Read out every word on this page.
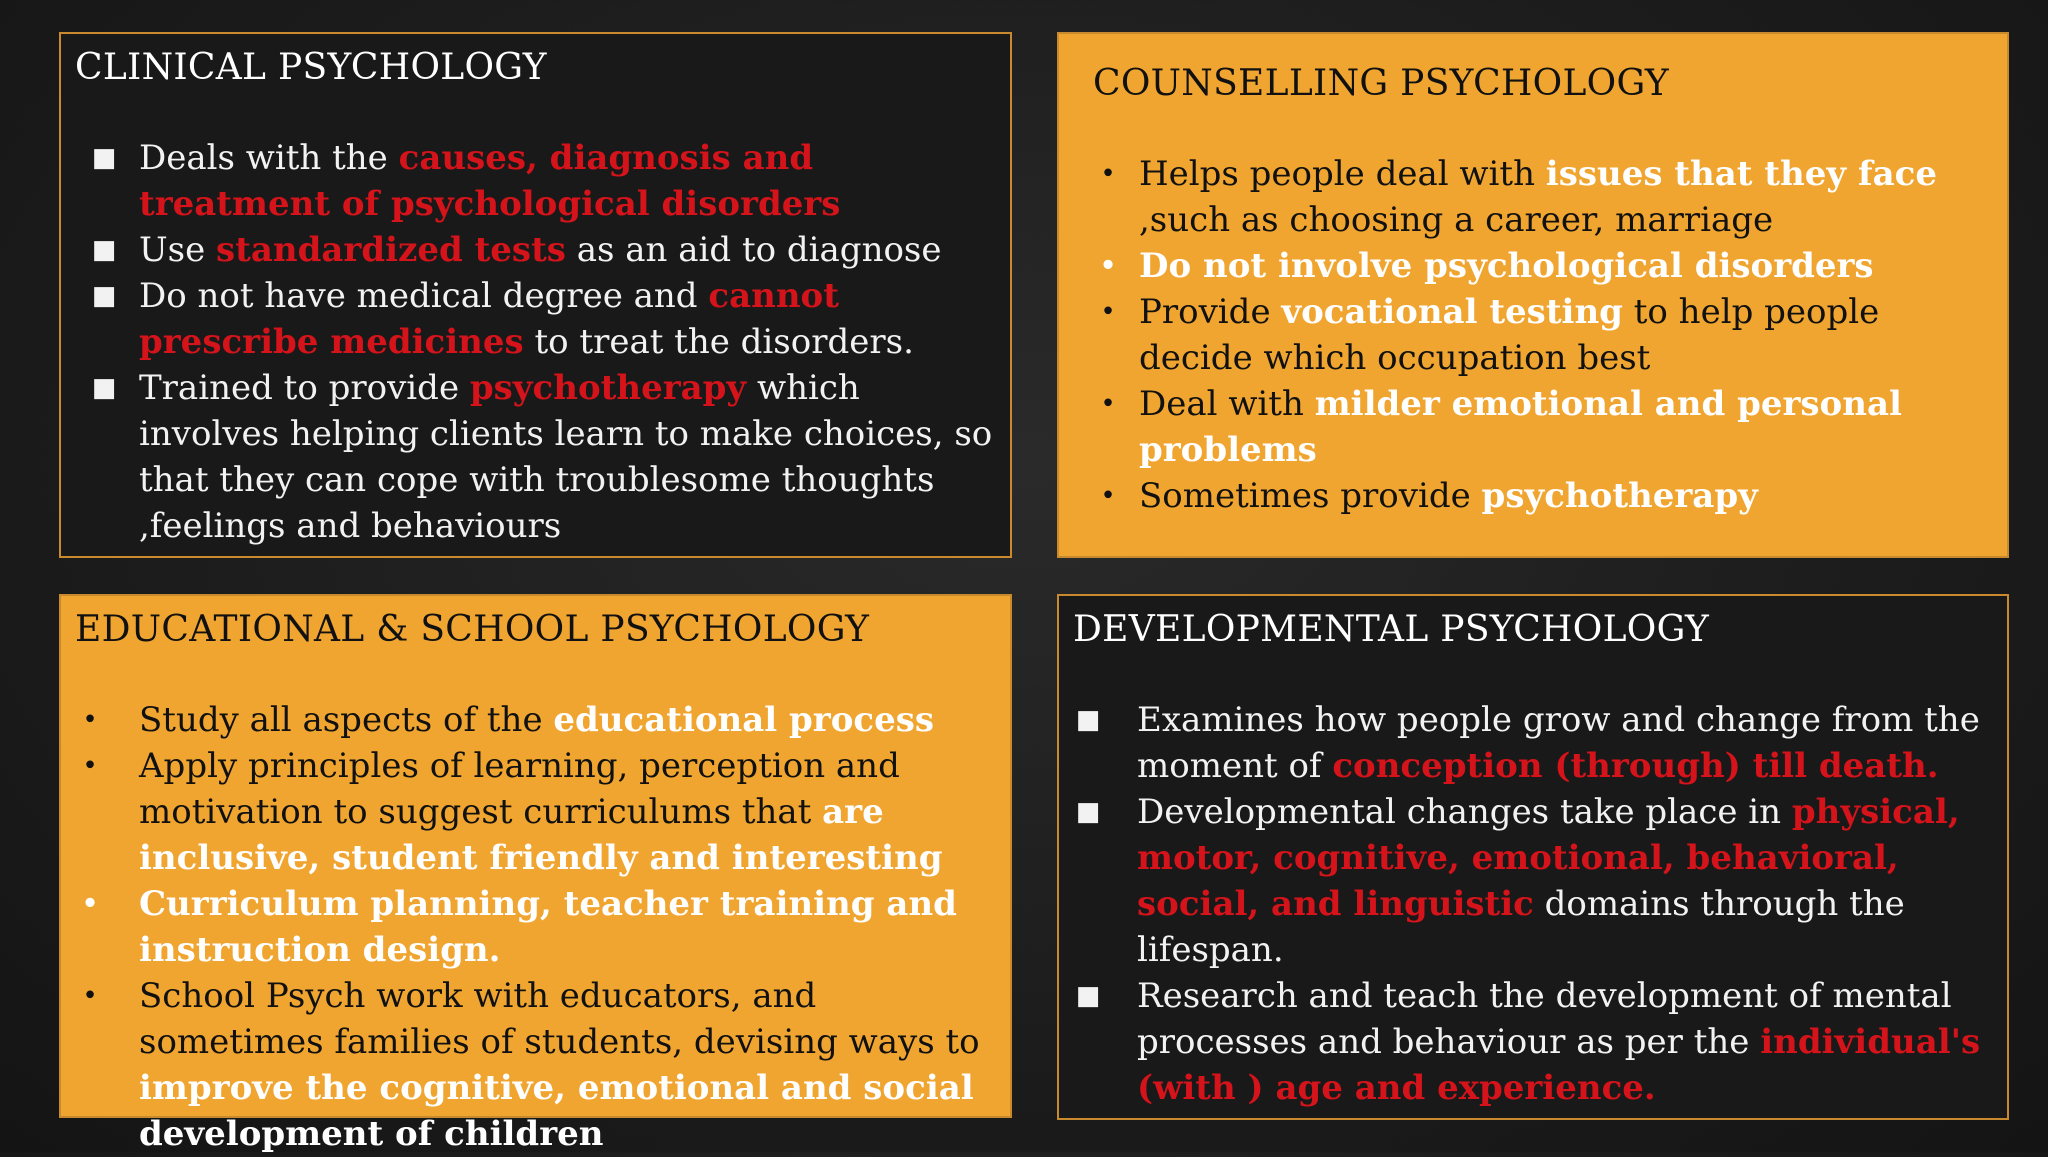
CLINICAL PSYCHOLOGY
■ Deals with the causes, diagnosis and treatment of psychological disorders
■ Use standardized tests as an aid to diagnose
■ Do not have medical degree and cannot prescribe medicines to treat the disorders.
■ Trained to provide psychotherapy which involves helping clients learn to make choices, so that they can cope with troublesome thoughts ,feelings and behaviours
COUNSELLING PSYCHOLOGY
• Helps people deal with issues that they face ,such as choosing a career, marriage
• Do not involve psychological disorders
• Provide vocational testing to help people decide which occupation best
• Deal with milder emotional and personal problems
• Sometimes provide psychotherapy
EDUCATIONAL & SCHOOL PSYCHOLOGY
• Study all aspects of the educational process
• Apply principles of learning, perception and motivation to suggest curriculums that are inclusive, student friendly and interesting
• Curriculum planning, teacher training and instruction design.
• School Psych work with educators, and sometimes families of students, devising ways to improve the cognitive, emotional and social development of children
DEVELOPMENTAL PSYCHOLOGY
■ Examines how people grow and change from the moment of conception (through) till death.
■ Developmental changes take place in physical, motor, cognitive, emotional, behavioral, social, and linguistic domains through the lifespan.
■ Research and teach the development of mental processes and behaviour as per the individual's (with ) age and experience.
